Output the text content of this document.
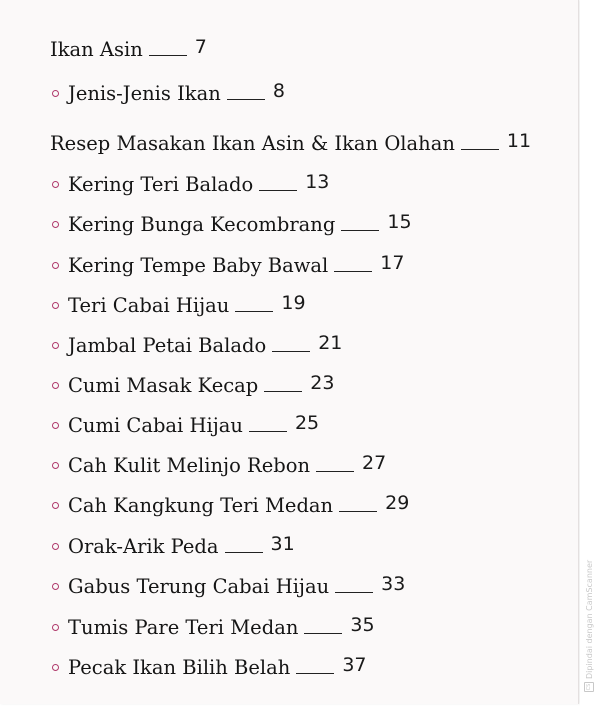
Ikan Asin	7
Jenis-Jenis Ikan	8
Resep Masakan Ikan Asin & Ikan Olahan	11
Kering Teri Balado	13
Kering Bunga Kecombrang	15
Kering Tempe Baby Bawal	17
Teri Cabai Hijau	19
Jambal Petai Balado	21
Cumi Masak Kecap	23
Cumi Cabai Hijau	25
Cah Kulit Melinjo Rebon	27
Cah Kangkung Teri Medan	29
Orak-Arik Peda	31
Gabus Terung Cabai Hijau	33
Tumis Pare Teri Medan	35
Pecak Ikan Bilih Belah	37
CS
Dipindai dengan CamScanner
